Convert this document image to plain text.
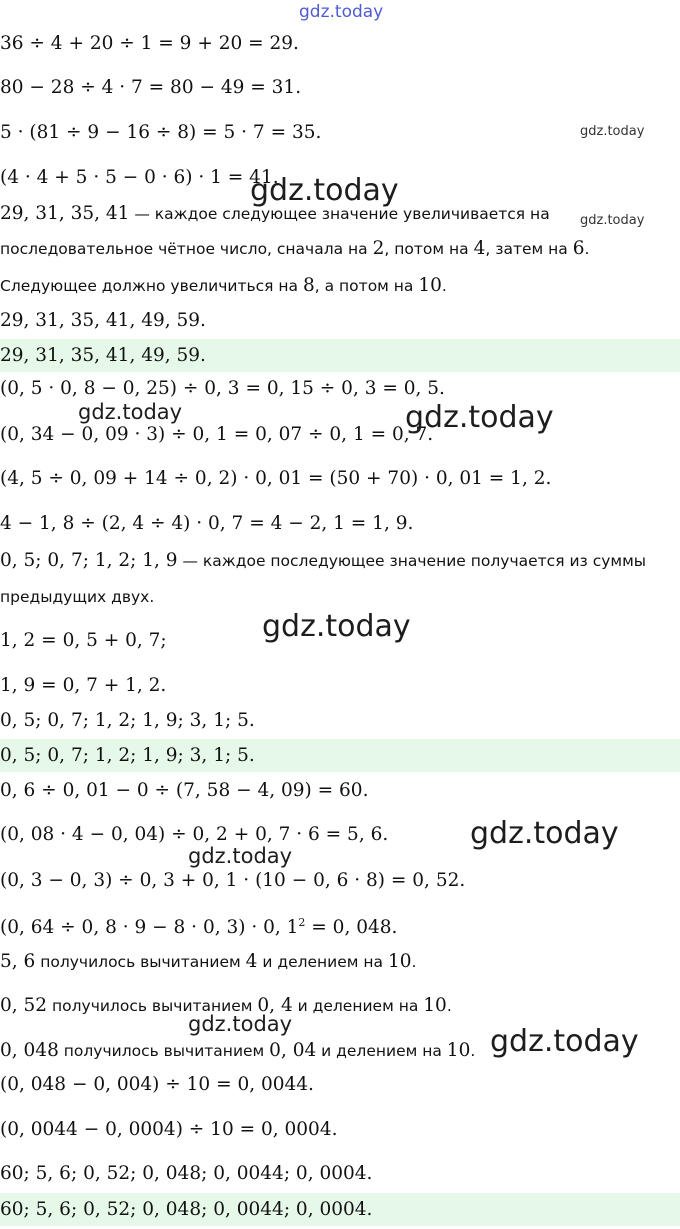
gdz.today
36 ÷ 4 + 20 ÷ 1 = 9 + 20 = 29.
80 − 28 ÷ 4 · 7 = 80 − 49 = 31.
5 · (81 ÷ 9 − 16 ÷ 8) = 5 · 7 = 35.	gdz.today
(4 · 4 + 5 · 5 − 0 · 6) · 1 = 41.
gdz.today
29, 31, 35, 41 — каждое следующее значение увеличивается на gdz.today
последовательное чётное число, сначала на 2, потом на 4, затем на 6.
Следующее должно увеличиться на 8, а потом на 10.
29, 31, 35, 41, 49, 59.
29, 31, 35, 41, 49, 59.
(0, 5 · 0, 8 − 0, 25) ÷ 0, 3 = 0, 15 ÷ 0, 3 = 0, 5.
gdz.today
(0, 34 − 0, 09 · 3) ÷ 0, 1 = 0, 07 ÷ 0, 1 = 0, 7.
gdz.today
(4, 5 ÷ 0, 09 + 14 ÷ 0, 2) · 0, 01 = (50 + 70) · 0, 01 = 1, 2.
4 − 1, 8 ÷ (2, 4 ÷ 4) · 0, 7 = 4 − 2, 1 = 1, 9.
0, 5; 0, 7; 1, 2; 1, 9 — каждое последующее значение получается из суммы
предыдущих двух.
gdz.today
1, 2 = 0, 5 + 0, 7;
1, 9 = 0, 7 + 1, 2.
0, 5; 0, 7; 1, 2; 1, 9; 3, 1; 5.
0, 5; 0, 7; 1, 2; 1, 9; 3, 1; 5.
0, 6 ÷ 0, 01 − 0 ÷ (7, 58 − 4, 09) = 60.
(0, 08 · 4 − 0, 04) ÷ 0, 2 + 0, 7 · 6 = 5, 6.	gdz.today
gdz.today
(0, 3 − 0, 3) ÷ 0, 3 + 0, 1 · (10 − 0, 6 · 8) = 0, 52.
(0, 64 ÷ 0, 8 · 9 − 8 · 0, 3) · 0, $1^2 = 0$, 048.
5, 6 получилось вычитанием 4 и делением на 10.
0, 52 получилось вычитанием 0, 4 и делением на 10.
gdz.today
0, 048 получилось вычитанием 0, 04 и делением на 10. gdz.today
(0, 048 − 0, 004) ÷ 10 = 0, 0044.
(0, 0044 − 0, 0004) ÷ 10 = 0, 0004.
60; 5, 6; 0, 52; 0, 048; 0, 0044; 0, 0004.
60; 5, 6; 0, 52; 0, 048; 0, 0044; 0, 0004.
